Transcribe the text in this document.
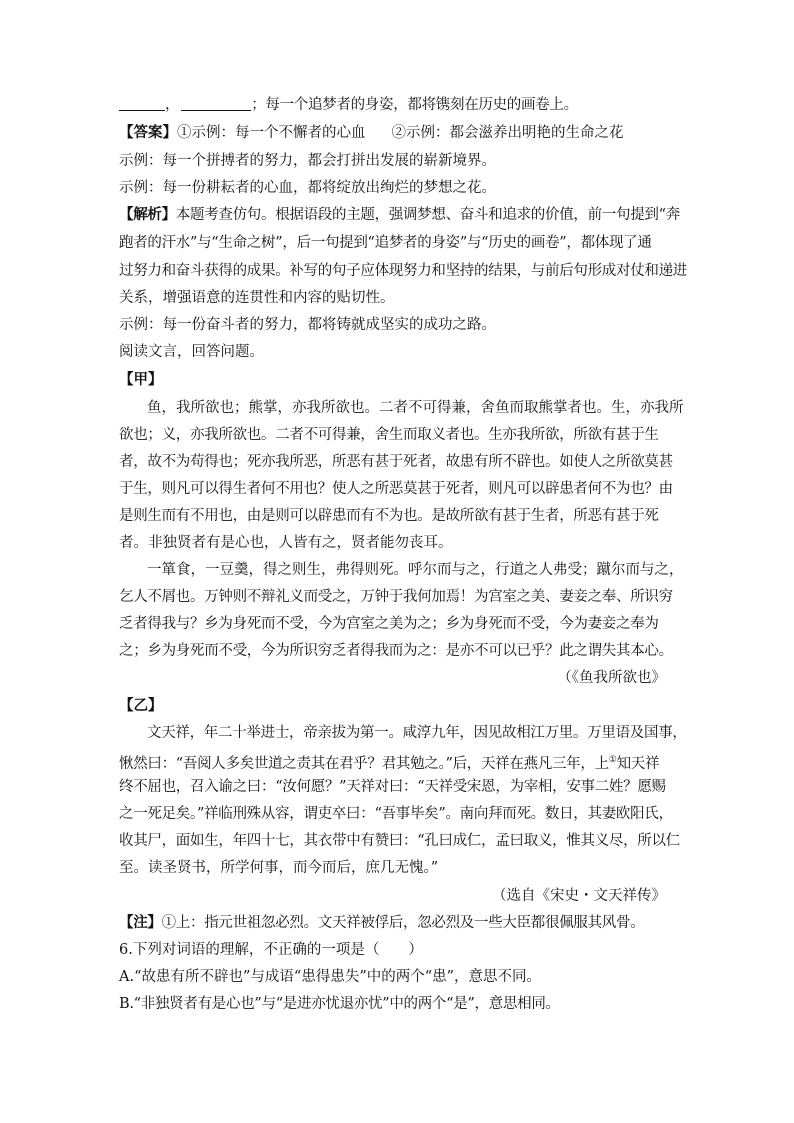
，	；每一个追梦者的身姿，都将镌刻在历史的画卷上。
【答案】①示例：每一个不懈者的心血 ②示例：都会滋养出明艳的生命之花
示例：每一个拼搏者的努力，都会打拼出发展的崭新境界。
示例：每一份耕耘者的心血，都将绽放出绚烂的梦想之花。
【解析】本题考查仿句。根据语段的主题，强调梦想、奋斗和追求的价值，前一句提到“奔
跑者的汗水”与“生命之树”，后一句提到“追梦者的身姿”与“历史的画卷”，都体现了通
过努力和奋斗获得的成果。补写的句子应体现努力和坚持的结果，与前后句形成对仗和递进
关系，增强语意的连贯性和内容的贴切性。
示例：每一份奋斗者的努力，都将铸就成坚实的成功之路。
阅读文言，回答问题。
【甲】
鱼，我所欲也；熊掌，亦我所欲也。二者不可得兼，舍鱼而取熊掌者也。生，亦我所
欲也；义，亦我所欲也。二者不可得兼，舍生而取义者也。生亦我所欲，所欲有甚于生
者，故不为苟得也；死亦我所恶，所恶有甚于死者，故患有所不辟也。如使人之所欲莫甚
于生，则凡可以得生者何不用也？使人之所恶莫甚于死者，则凡可以辟患者何不为也？由
是则生而有不用也，由是则可以辟患而有不为也。是故所欲有甚于生者，所恶有甚于死
者。非独贤者有是心也，人皆有之，贤者能勿丧耳。
一箪食，一豆羹，得之则生，弗得则死。呼尔而与之，行道之人弗受；蹴尔而与之，
乞人不屑也。万钟则不辩礼义而受之，万钟于我何加焉！为宫室之美、妻妾之奉、所识穷
乏者得我与？乡为身死而不受，今为宫室之美为之；乡为身死而不受，今为妻妾之奉为
之；乡为身死而不受，今为所识穷乏者得我而为之：是亦不可以已乎？此之谓失其本心。
（《鱼我所欲也》
【乙】
文天祥，年二十举进士，帝亲拔为第一。咸淳九年，因见故相江万里。万里语及国事，
愀然曰：“吾阅人多矣世道之责其在君乎？君其勉之。”后，天祥在燕凡三年，上①知天祥
终不屈也，召入谕之曰：“汝何愿？”天祥对曰：“天祥受宋恩，为宰相，安事二姓？愿赐
之一死足矣。”祥临刑殊从容，谓吏卒曰：“吾事毕矣”。南向拜而死。数日，其妻欧阳氏，
收其尸，面如生，年四十七，其衣带中有赞曰：“孔曰成仁，孟曰取义，惟其义尽，所以仁
至。读圣贤书，所学何事，而今而后，庶几无愧。”
（选自《宋史・文天祥传》
【注】①上：指元世祖忽必烈。文天祥被俘后，忽必烈及一些大臣都很佩服其风骨。
6.下列对词语的理解，不正确的一项是（　　）
A.“故患有所不辟也”与成语“患得患失”中的两个“患”，意思不同。
B.“非独贤者有是心也”与“是进亦忧退亦忧”中的两个“是”，意思相同。
